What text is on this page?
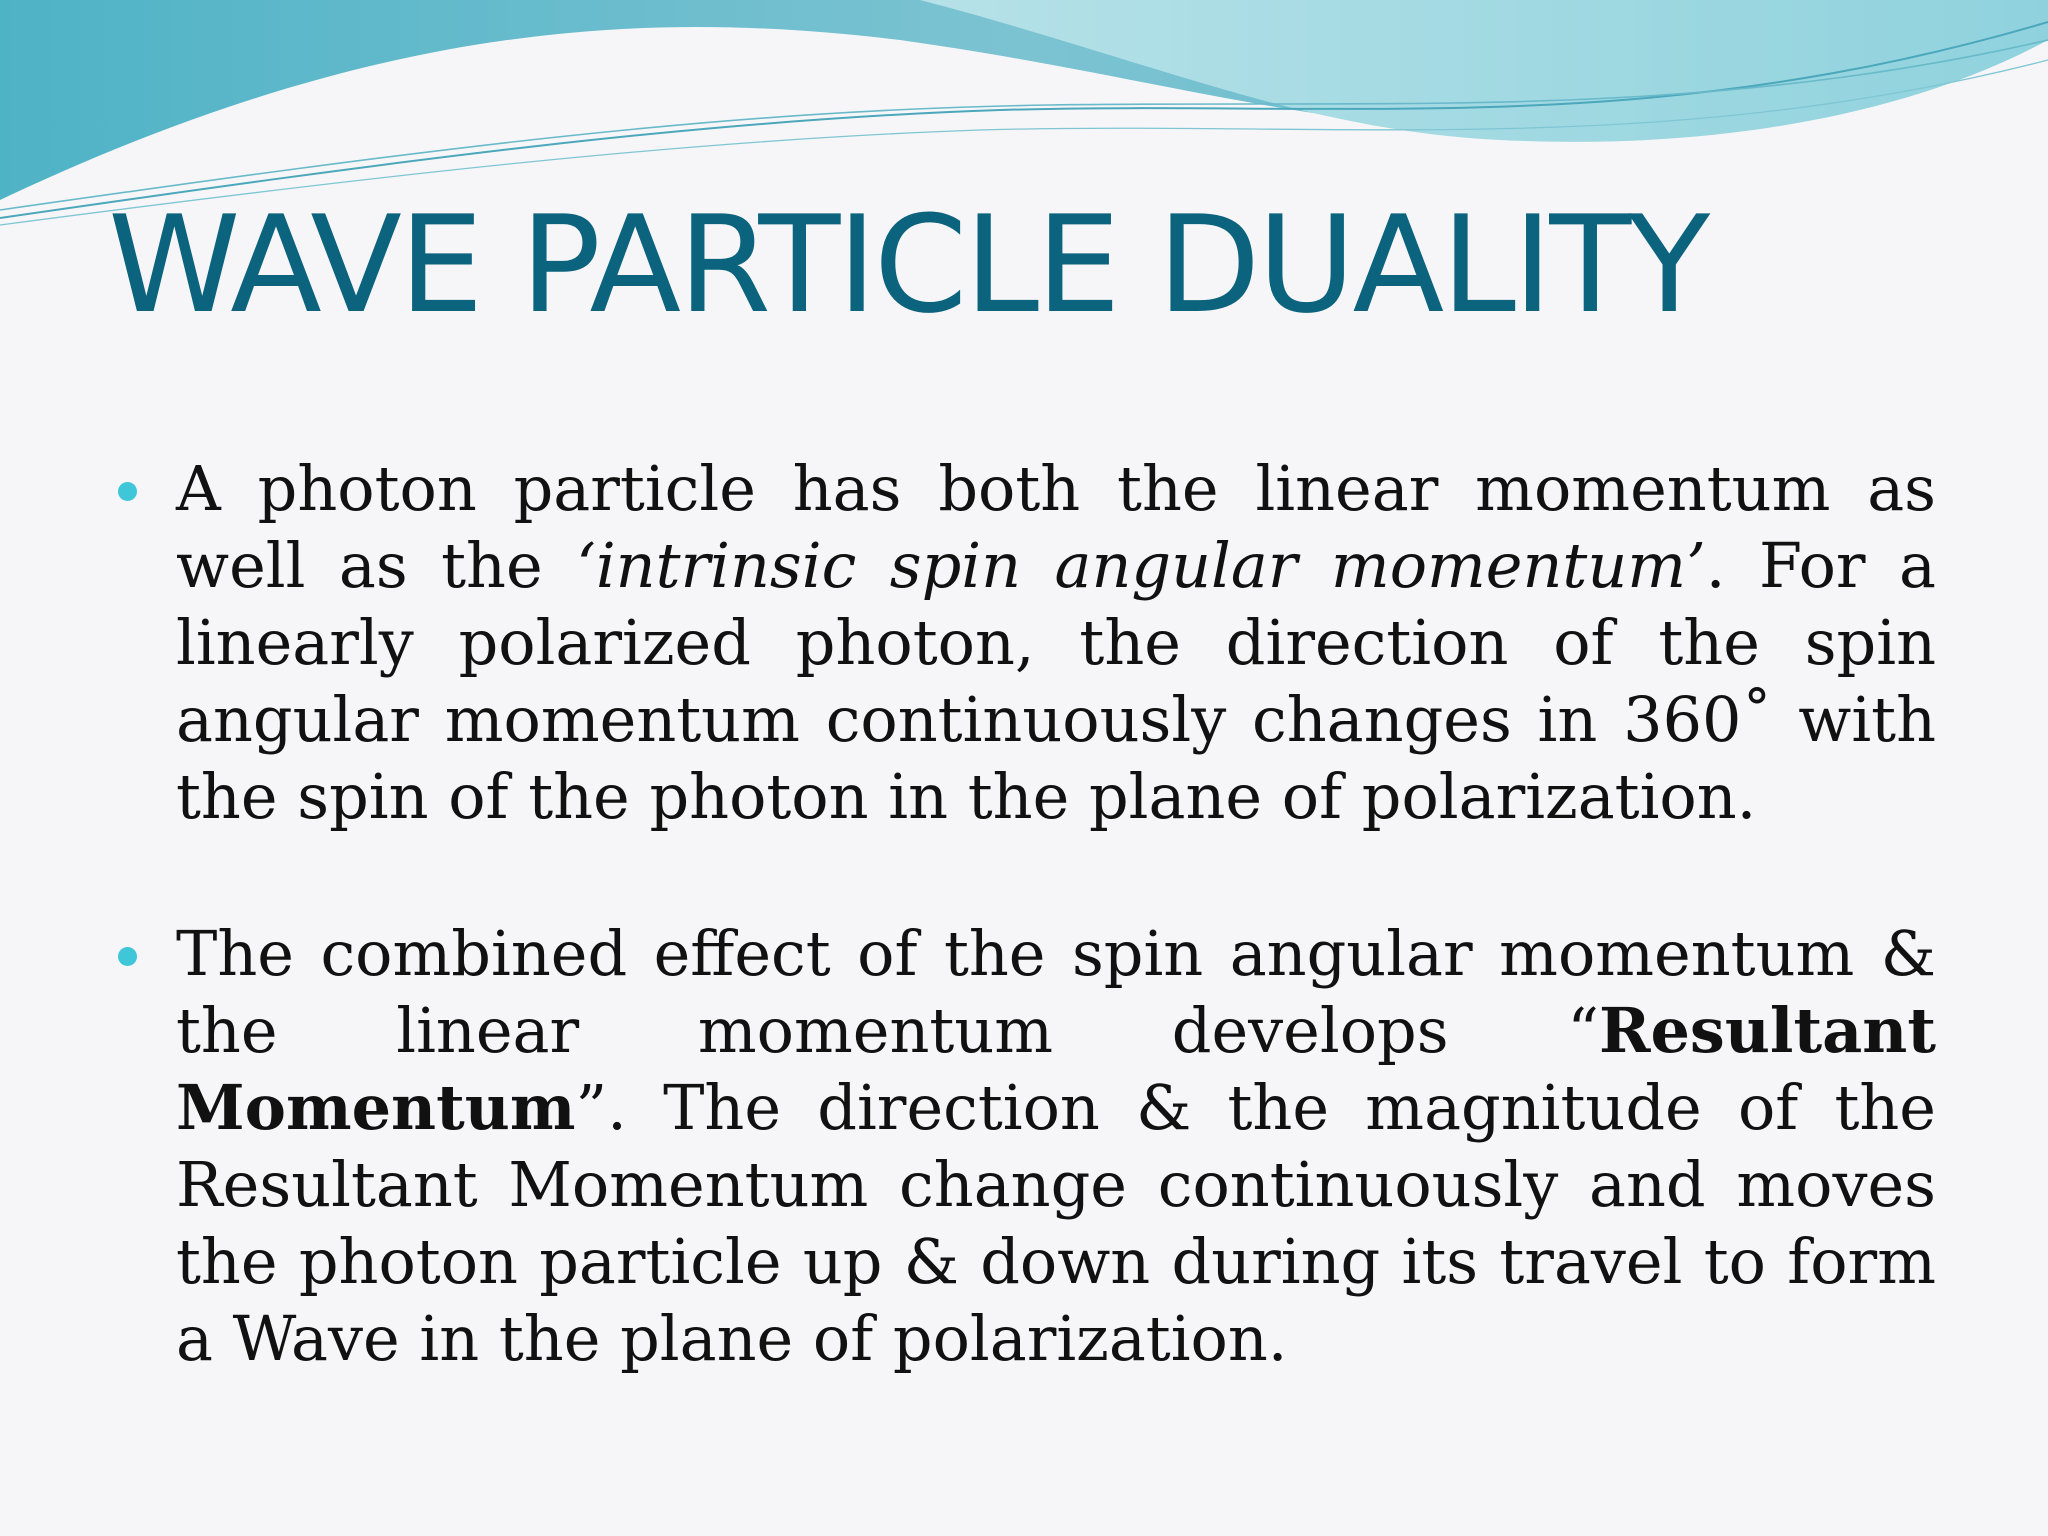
WAVE PARTICLE DUALITY
A photon particle has both the linear momentum as well as the ‘intrinsic spin angular momentum’. For a linearly polarized photon, the direction of the spin angular momentum continuously changes in 360˚ with the spin of the photon in the plane of polarization.
The combined effect of the spin angular momentum & the linear momentum develops “Resultant Momentum”. The direction & the magnitude of the Resultant Momentum change continuously and moves the photon particle up & down during its travel to form a Wave in the plane of polarization.
